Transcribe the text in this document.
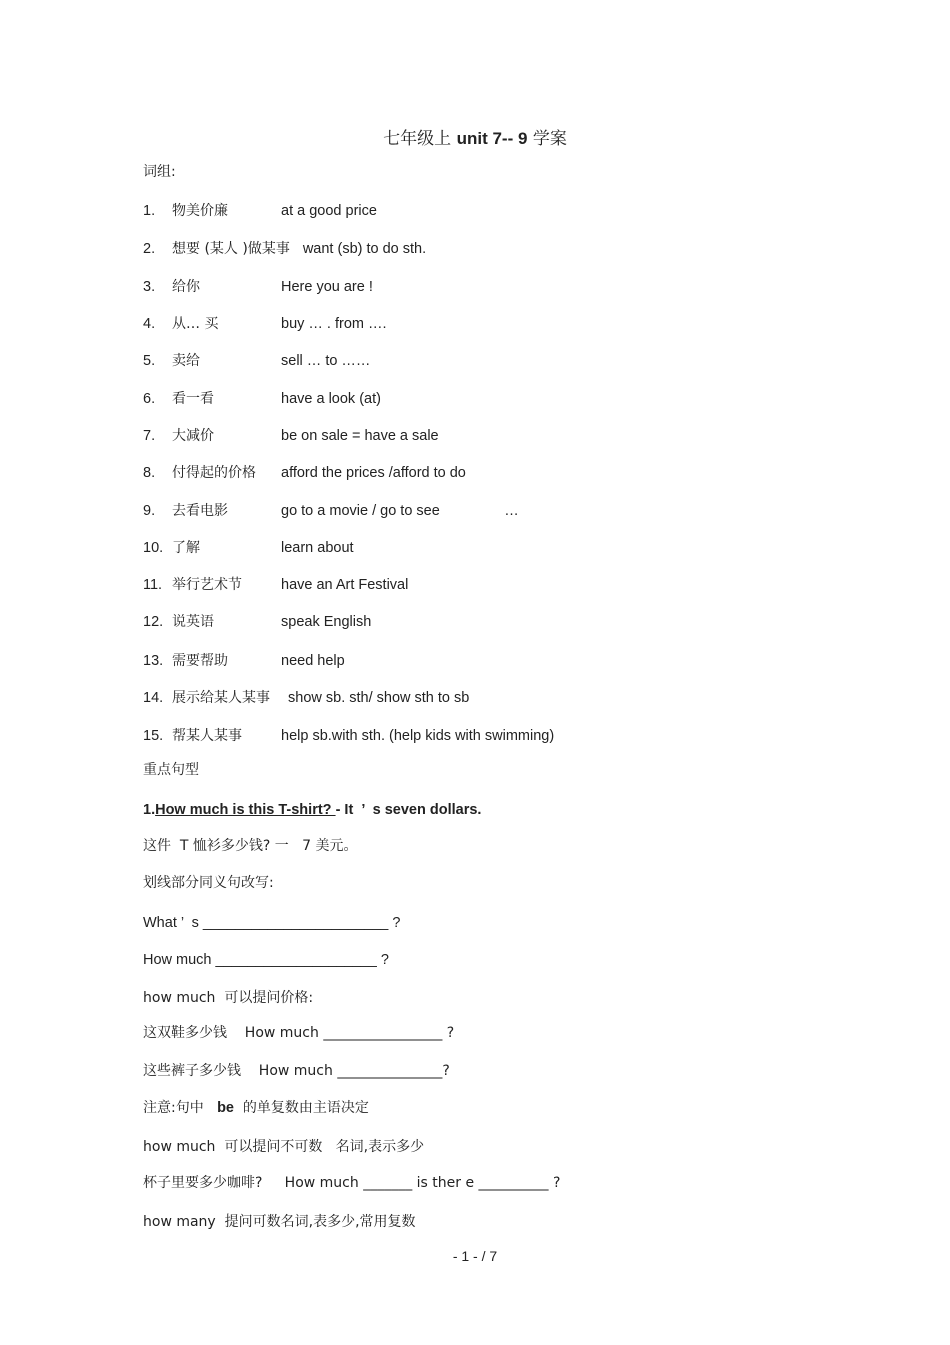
七年级上 unit 7-- 9 学案
词组:
1. 物美价廉	at a good price
2. 想要 (某人 )做某事 want (sb) to do sth.
3. 给你	Here you are !
4. 从… 买	buy … . from ….
5. 卖给	sell … to ……
6. 看一看	have a look (at)
7. 大减价	be on sale = have a sale
8. 付得起的价格 afford the prices /afford to do
9. 去看电影	go to a movie / go to see                …
10. 了解	learn about
11. 举行艺术节	have an Art Festival
12. 说英语	speak English
13. 需要帮助	need help
14. 展示给某人某事 show sb. sth/ show sth to sb
15. 帮某人某事	help sb.with sth. (help kids with swimming)
重点句型
1.How much is this T-shirt? - It  ’  s seven dollars.
这件  T 恤衫多少钱? 一   7 美元。
划线部分同义句改写:
What ’  s _______________________ ?
How much ____________________ ?
how much  可以提问价格:
这双鞋多少钱    How much _________________ ?
这些裤子多少钱    How much _______________?
注意:句中   be  的单复数由主语决定
how much  可以提问不可数   名词,表示多少
杯子里要多少咖啡?     How much _______ is ther e __________ ?
how many  提问可数名词,表多少,常用复数
- 1 - / 7
